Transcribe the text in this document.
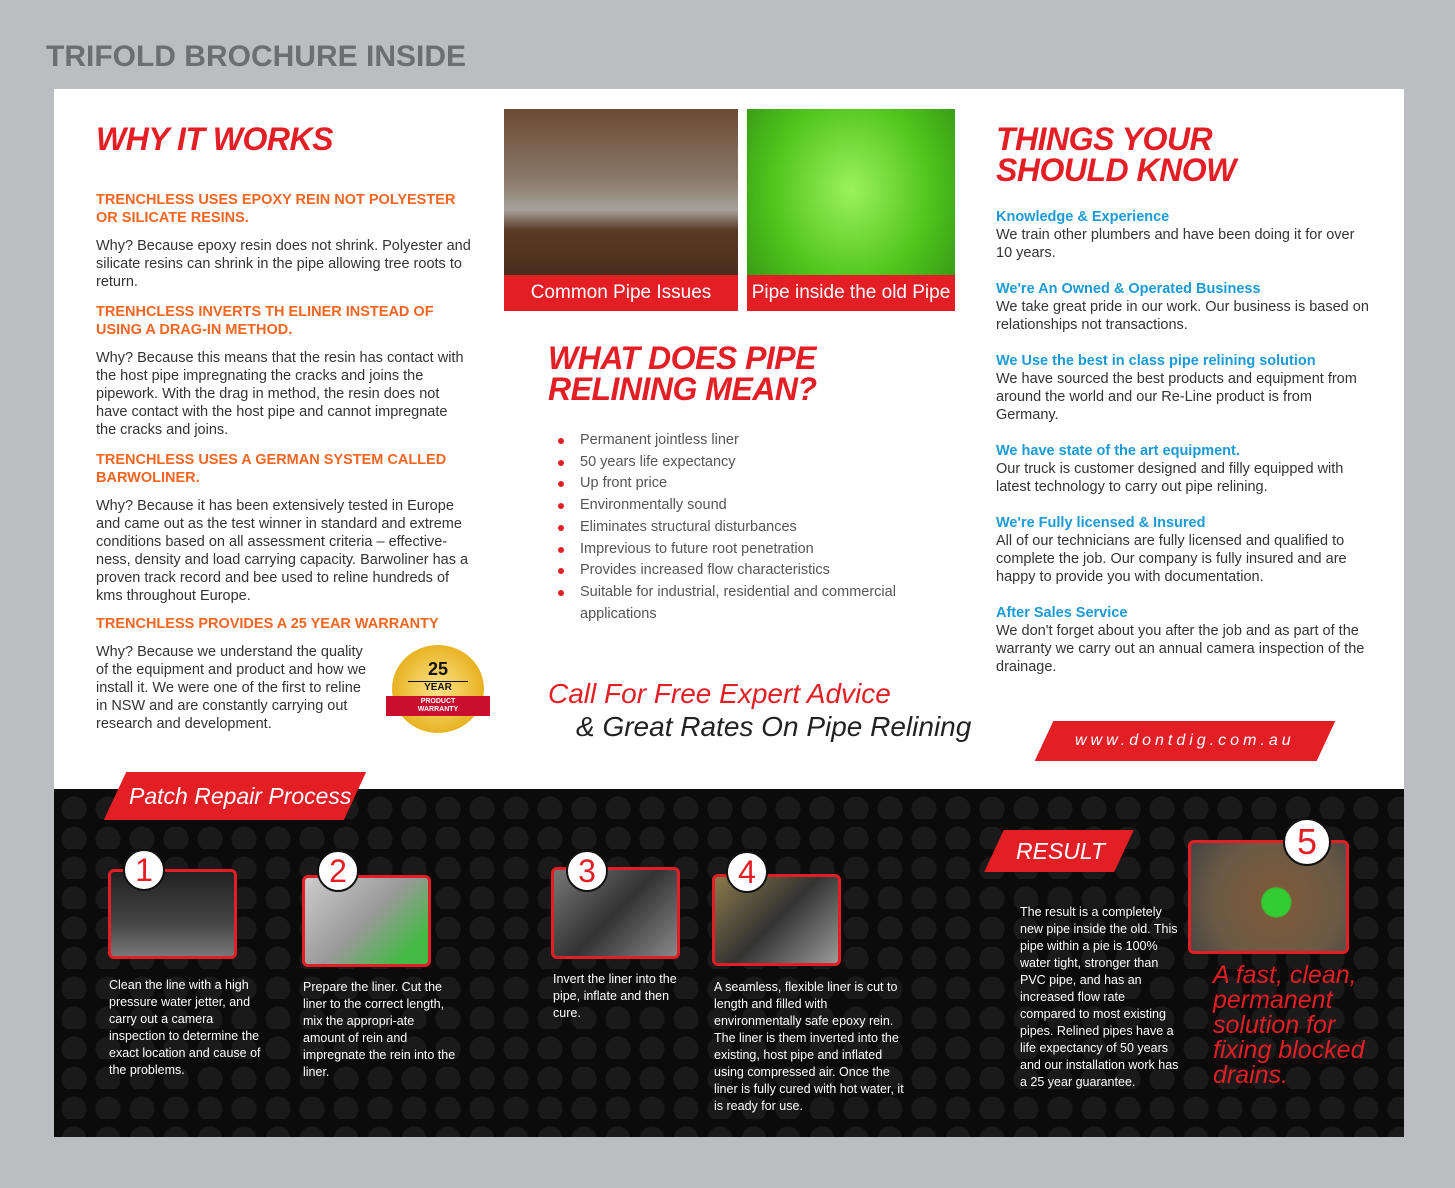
TRIFOLD BROCHURE INSIDE
WHY IT WORKS
TRENCHLESS USES EPOXY REIN NOT POLYESTER OR SILICATE RESINS.
Why? Because epoxy resin does not shrink. Polyester and silicate resins can shrink in the pipe allowing tree roots to return.
TRENHCLESS INVERTS TH ELINER INSTEAD OF USING A DRAG-IN METHOD.
Why? Because this means that the resin has contact with the host pipe impregnating the cracks and joins the pipework. With the drag in method, the resin does not have contact with the host pipe and cannot impregnate the cracks and joins.
TRENCHLESS USES A GERMAN SYSTEM CALLED BARWOLINER.
Why? Because it has been extensively tested in Europe and came out as the test winner in standard and extreme conditions based on all assessment criteria – effective-ness, density and load carrying capacity. Barwoliner has a proven track record and bee used to reline hundreds of kms throughout Europe.
TRENCHLESS PROVIDES A 25 YEAR WARRANTY
Why? Because we understand the quality of the equipment and product and how we install it. We were one of the first to reline in NSW and are constantly carrying out research and development.
25
YEAR
PRODUCT WARRANTY
Common Pipe Issues	Pipe inside the old Pipe
WHAT DOES PIPE RELINING MEAN?
Permanent jointless liner
50 years life expectancy
Up front price
Environmentally sound
Eliminates structural disturbances
Imprevious to future root penetration
Provides increased flow characteristics
Suitable for industrial, residential and commercial applications
Call For Free Expert Advice
& Great Rates On Pipe Relining
THINGS YOUR SHOULD KNOW
Knowledge & Experience
We train other plumbers and have been doing it for over 10 years.
We're An Owned & Operated Business
We take great pride in our work. Our business is based on relationships not transactions.
We Use the best in class pipe relining solution
We have sourced the best products and equipment from around the world and our Re-Line product is from Germany.
We have state of the art equipment.
Our truck is customer designed and filly equipped with latest technology to carry out pipe relining.
We're Fully licensed & Insured
All of our technicians are fully licensed and qualified to complete the job. Our company is fully insured and are happy to provide you with documentation.
After Sales Service
We don't forget about you after the job and as part of the warranty we carry out an annual camera inspection of the drainage.
www.dontdig.com.au
Patch Repair Process
1
Clean the line with a high pressure water jetter, and carry out a camera inspection to determine the exact location and cause of the problems.
2
Prepare the liner. Cut the liner to the correct length, mix the appropri-ate amount of rein and impregnate the rein into the liner.
3
Invert the liner into the pipe, inflate and then cure.
4
A seamless, flexible liner is cut to length and filled with environmentally safe epoxy rein. The liner is them inverted into the existing, host pipe and inflated using compressed air. Once the liner is fully cured with hot water, it is ready for use.
RESULT
The result is a completely new pipe inside the old. This pipe within a pie is 100% water tight, stronger than PVC pipe, and has an increased flow rate compared to most existing pipes. Relined pipes have a life expectancy of 50 years and our installation work has a 25 year guarantee.
5
A fast, clean, permanent solution for fixing blocked drains.
